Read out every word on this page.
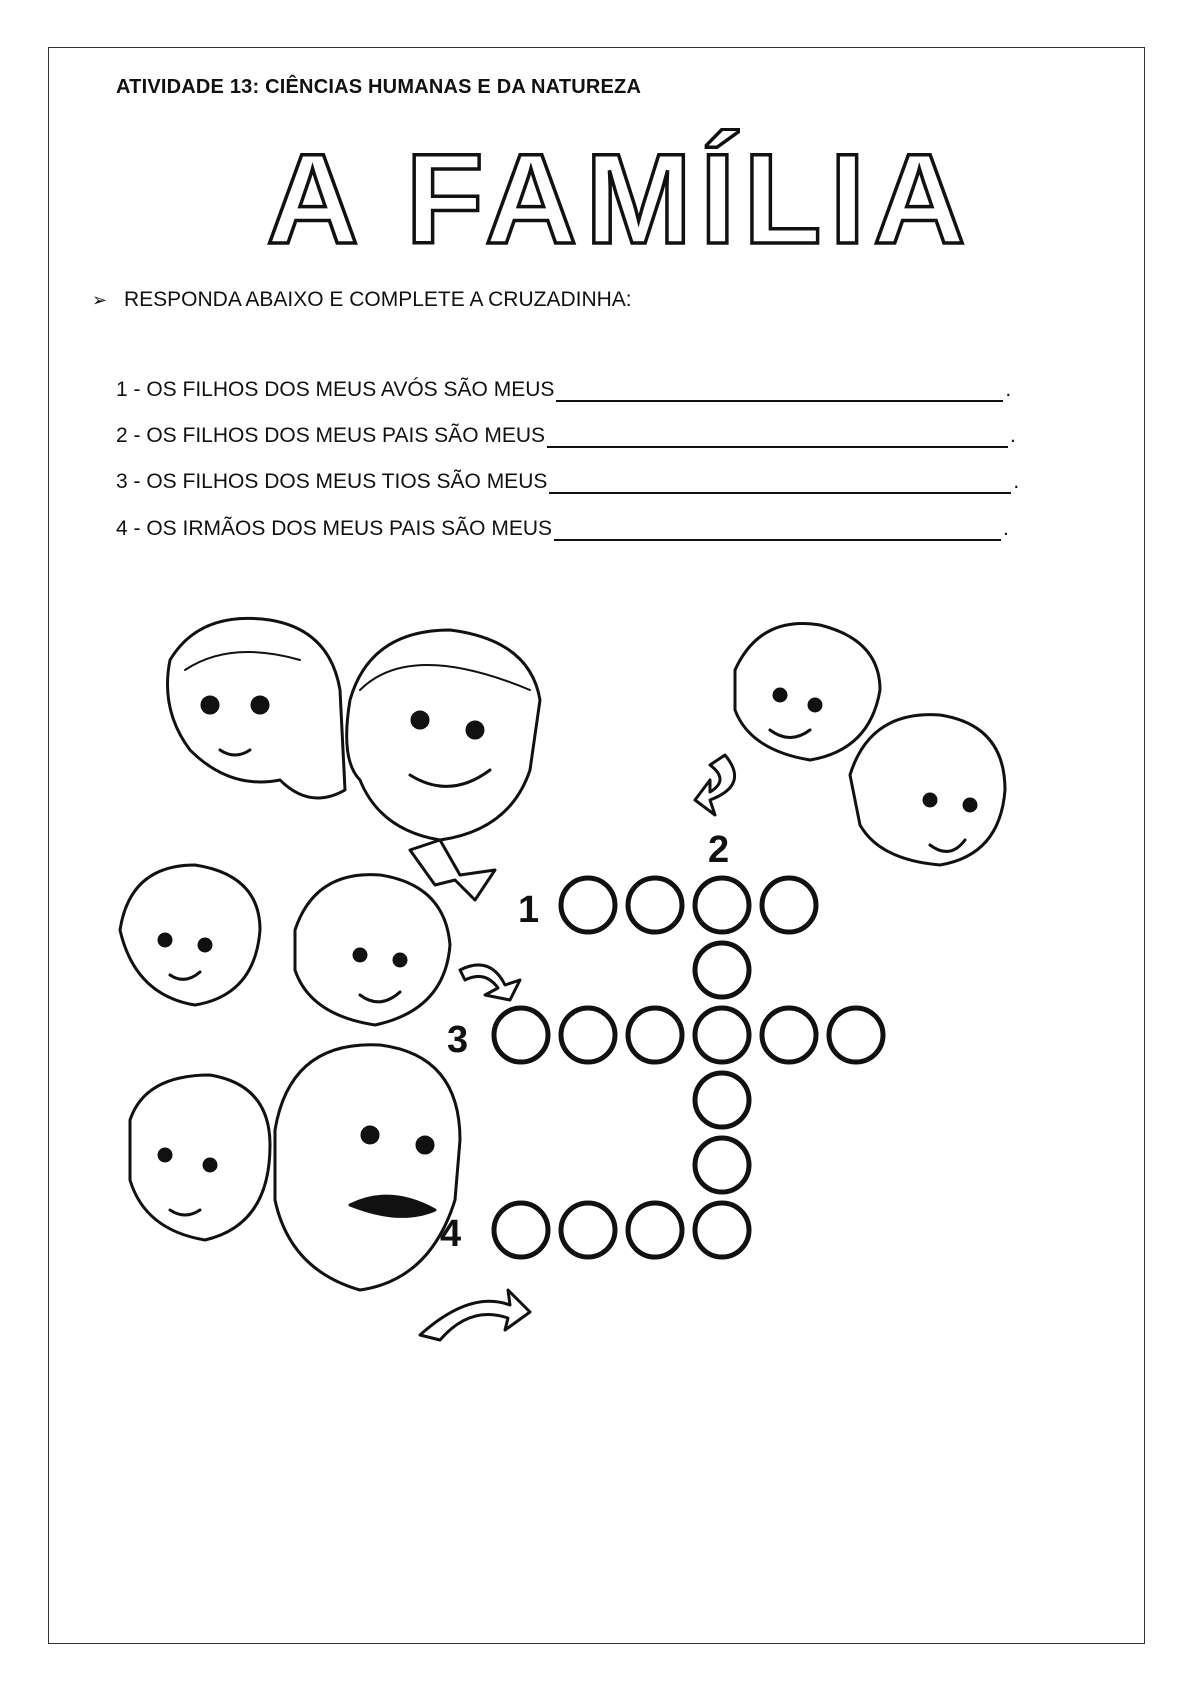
ATIVIDADE 13: CIÊNCIAS HUMANAS E DA NATUREZA
A FAMÍLIA
➢ RESPONDA ABAIXO E COMPLETE A CRUZADINHA:
1 - OS FILHOS DOS MEUS AVÓS SÃO MEUS	.
2 - OS FILHOS DOS MEUS PAIS SÃO MEUS	.
3 - OS FILHOS DOS MEUS TIOS SÃO MEUS	.
4 - OS IRMÃOS DOS MEUS PAIS SÃO MEUS	.
1
2
3
4
